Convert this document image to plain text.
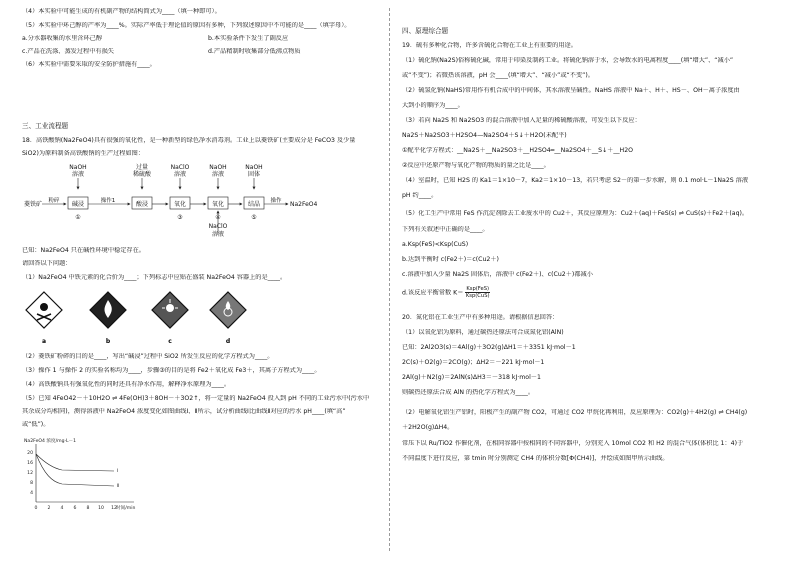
（4）本实验中可能生成的有机副产物的结构简式为____（填一种即可）。
（5）本实验中环己醇的产率为____%。实际产率低于理论值的原因有多种，下列叙述原因中不可能的是____（填字母）。
a.分水器收集的水里含环己醇	b.本实验条件下发生了副反应
c.产品在洗涤、蒸发过程中有损失	d.产品精制时收集部分低沸点物质
（6）本实验中需要采取的安全防护措施有____。
三、工业流程题
18．高铁酸钠(Na2FeO4)具有很强的氧化性，是一种新型的绿色净水消毒剂。工业上以菱铁矿(主要成分是 FeCO3 及少量
SiO2)为原料制备高铁酸钠的生产过程如图：
NaOH
溶液
过量
稀硫酸
NaClO
溶液
NaOH
溶液
NaOH
固体
菱铁矿 粉碎 碱浸
①
操作1	酸浸	氧化
③
氧化
④
NaClO
溶液
结晶
⑤
操作 Na2FeO4
已知：Na2FeO4 只在碱性环境中稳定存在。
请回答以下问题：
（1）Na2FeO4 中铁元素的化合价为____；下列标志中应贴在盛装 Na2FeO4 容器上的是____。
a	b	c	d
（2）菱铁矿粉碎的目的是____，写出“碱浸”过程中 SiO2 所发生反应的化学方程式为____。
（3）操作 1 与操作 2 的实验名称均为____，步骤③的目的是将 Fe2＋氧化成 Fe3＋，其离子方程式为____。
（4）高铁酸钠具有强氧化性的同时还具有净水作用，解释净水原理为____。
（5）已知 4FeO42－＋10H2O ⇌ 4Fe(OH)3＋8OH－＋3O2↑，将一定量的 Na2FeO4 投入到 pH 不同的工业污水中(污水中
其余成分均相同)，测得溶液中 Na2FeO4 浓度变化如图曲线Ⅰ、Ⅱ所示，试分析曲线Ⅰ比曲线Ⅱ对应的污水 pH____(填“高”
或“低”)。
Na2FeO4 浓度/mg·L－1
20
16
12
8
4
0 2 4 6 8 10 12 时间/min
Ⅰ
Ⅱ
四、原理综合题
19．硫有多种化合物，许多含硫化合物在工业上有重要的用途。
（1）硫化钠(Na2S)俗称硫化碱，常用于印染及制药工业。将硫化钠溶于水，会导致水的电离程度____(填“增大”、“减小”
或“不变”)；若微热该溶液，pH 会____(填“增大”、“减小”或“不变”)。
（2）硫氢化钠(NaHS)常用作有机合成中的中间体，其水溶液呈碱性。NaHS 溶液中 Na＋、H＋、HS－、OH－离子浓度由
大到小的顺序为____。
（3）若向 Na2S 和 Na2SO3 的混合溶液中加入足量的稀硫酸溶液，可发生以下反应：
Na2S＋Na2SO3＋H2SO4—Na2SO4＋S↓＋H2O(未配平)
①配平化学方程式：__Na2S＋__Na2SO3＋__H2SO4═__Na2SO4＋__S↓＋__H2O
②反应中还原产物与氧化产物的物质的量之比是____。
（4）室温时，已知 H2S 的 Ka1＝1×10－7，Ka2＝1×10－13，若只考虑 S2－的第一步水解，则 0.1 mol·L－1Na2S 溶液
pH 约____。
（5）化工生产中常用 FeS 作沉淀剂除去工业废水中的 Cu2＋，其反应原理为：Cu2＋(aq)＋FeS(s) ⇌ CuS(s)＋Fe2＋(aq)。
下列有关叙述中正确的是____。
a.Ksp(FeS)<Ksp(CuS)
b.达到平衡时 c(Fe2＋)＝c(Cu2＋)
c.溶液中加入少量 Na2S 固体后，溶液中 c(Fe2＋)、c(Cu2＋)都减小
d.该反应平衡常数 $K= \frac{\text{Ksp(FeS)}}{\text{Ksp(CuS)}}$
20．氮化铝在工业生产中有多种用途。请根据信息回答：
（1）以氧化铝为原料，通过碳热还原法可合成氮化铝(AlN)
已知：2Al2O3(s)＝4Al(g)＋3O2(g)ΔH1＝＋3351 kJ·mol－1
2C(s)＋O2(g)＝2CO(g)；ΔH2＝－221 kJ·mol－1
2Al(g)＋N2(g)＝2AlN(s)ΔH3＝－318 kJ·mol－1
则碳热还原法合成 AlN 的热化学方程式为____。
（2）电解氧化铝生产铝时，阳极产生的副产物 CO2，可通过 CO2 甲烷化再利用，反应原理为：CO2(g)＋4H2(g) ⇌ CH4(g)
＋2H2O(g)ΔH4。
常压下以 Ru/TiO2 作催化剂，在相同容器中按相同的不同容器中，分别充入 10mol CO2 和 H2 的混合气体(体积比 1：4)于
不同温度下进行反应，第 tmin 时分别测定 CH4 的体积分数[Φ(CH4)]，并绘成如图甲所示曲线。
